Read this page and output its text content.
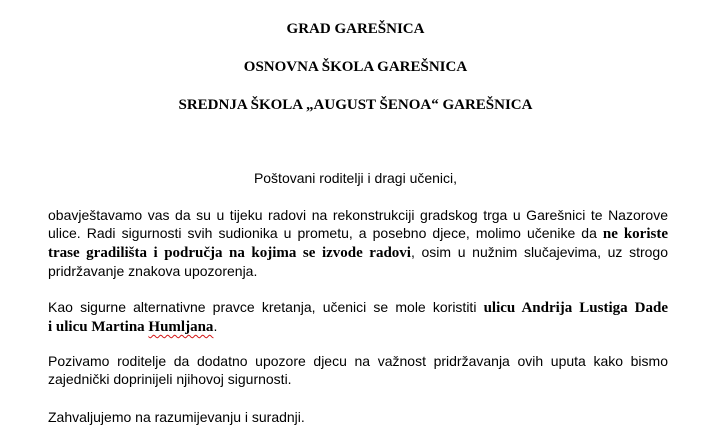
GRAD GAREŠNICA
OSNOVNA ŠKOLA GAREŠNICA
SREDNJA ŠKOLA „AUGUST ŠENOA“ GAREŠNICA
Poštovani roditelji i dragi učenici,
obavještavamo vas da su u tijeku radovi na rekonstrukciji gradskog trga u Garešnici te Nazorove
ulice. Radi sigurnosti svih sudionika u prometu, a posebno djece, molimo učenike da ne koriste
trase gradilišta i područja na kojima se izvode radovi, osim u nužnim slučajevima, uz strogo
pridržavanje znakova upozorenja.
Kao sigurne alternativne pravce kretanja, učenici se mole koristiti ulicu Andrija Lustiga Dade
i ulicu Martina Humljana.
Pozivamo roditelje da dodatno upozore djecu na važnost pridržavanja ovih uputa kako bismo
zajednički doprinijeli njihovoj sigurnosti.
Zahvaljujemo na razumijevanju i suradnji.
